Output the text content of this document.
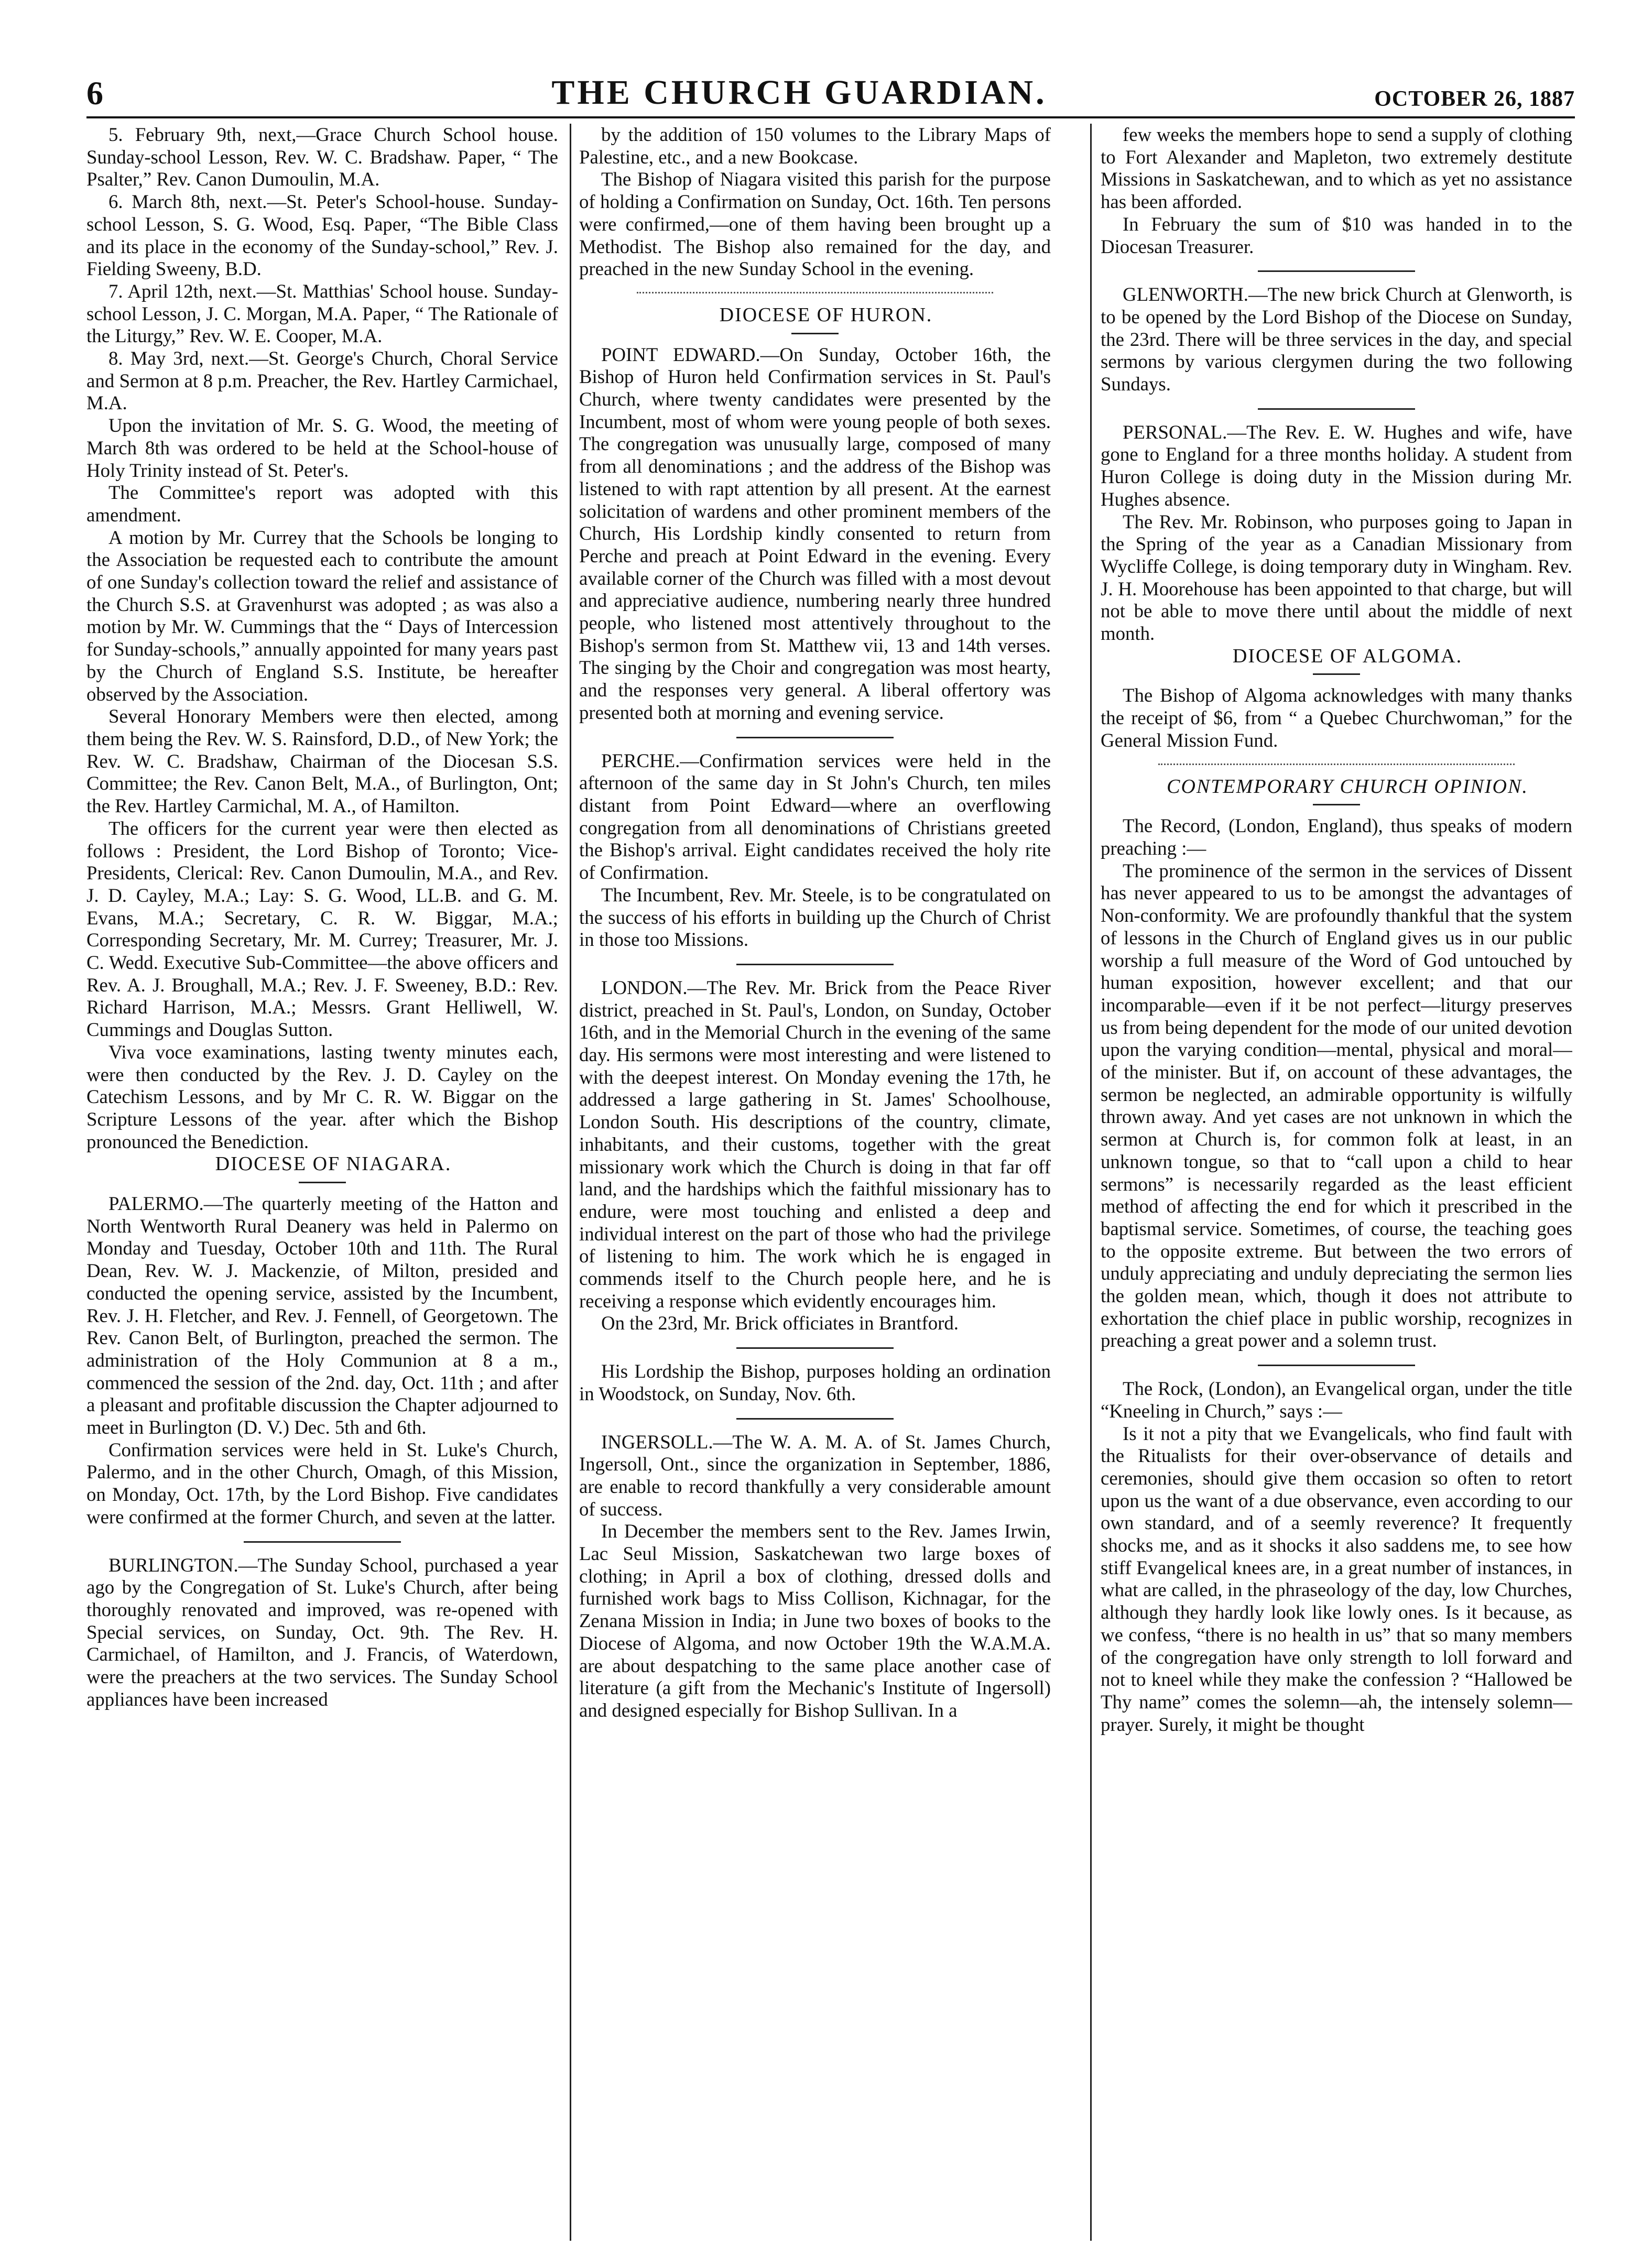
6	THE CHURCH GUARDIAN.	OCTOBER 26, 1887

5. February 9th, next,—Grace Church School house. Sunday-school Lesson, Rev. W. C. Bradshaw. Paper, “ The Psalter,” Rev. Canon Dumoulin, M.A.

6. March 8th, next.—St. Peter's School-house. Sunday-school Lesson, S. G. Wood, Esq. Paper, “The Bible Class and its place in the economy of the Sunday-school,” Rev. J. Fielding Sweeny, B.D.

7. April 12th, next.—St. Matthias' School house. Sunday-school Lesson, J. C. Morgan, M.A. Paper, “ The Rationale of the Liturgy,” Rev. W. E. Cooper, M.A.

8. May 3rd, next.—St. George's Church, Choral Service and Sermon at 8 p.m. Preacher, the Rev. Hartley Carmichael, M.A.

Upon the invitation of Mr. S. G. Wood, the meeting of March 8th was ordered to be held at the School-house of Holy Trinity instead of St. Peter's.

The Committee's report was adopted with this amendment.

A motion by Mr. Currey that the Schools be longing to the Association be requested each to contribute the amount of one Sunday's collection toward the relief and assistance of the Church S.S. at Gravenhurst was adopted ; as was also a motion by Mr. W. Cummings that the “ Days of Intercession for Sunday-schools,” annually appointed for many years past by the Church of England S.S. Institute, be hereafter observed by the Association.

Several Honorary Members were then elected, among them being the Rev. W. S. Rainsford, D.D., of New York; the Rev. W. C. Bradshaw, Chairman of the Diocesan S.S. Committee; the Rev. Canon Belt, M.A., of Burlington, Ont; the Rev. Hartley Carmichal, M. A., of Hamilton.

The officers for the current year were then elected as follows : President, the Lord Bishop of Toronto; Vice-Presidents, Clerical: Rev. Canon Dumoulin, M.A., and Rev. J. D. Cayley, M.A.; Lay: S. G. Wood, LL.B. and G. M. Evans, M.A.; Secretary, C. R. W. Biggar, M.A.; Corresponding Secretary, Mr. M. Currey; Treasurer, Mr. J. C. Wedd. Executive Sub-Committee—the above officers and Rev. A. J. Broughall, M.A.; Rev. J. F. Sweeney, B.D.: Rev. Richard Harrison, M.A.; Messrs. Grant Helliwell, W. Cummings and Douglas Sutton.

Viva voce examinations, lasting twenty minutes each, were then conducted by the Rev. J. D. Cayley on the Catechism Lessons, and by Mr C. R. W. Biggar on the Scripture Lessons of the year. after which the Bishop pronounced the Benediction.

DIOCESE OF NIAGARA.

PALERMO.—The quarterly meeting of the Hatton and North Wentworth Rural Deanery was held in Palermo on Monday and Tuesday, October 10th and 11th. The Rural Dean, Rev. W. J. Mackenzie, of Milton, presided and conducted the opening service, assisted by the Incumbent, Rev. J. H. Fletcher, and Rev. J. Fennell, of Georgetown. The Rev. Canon Belt, of Burlington, preached the sermon. The administration of the Holy Communion at 8 a m., commenced the session of the 2nd. day, Oct. 11th ; and after a pleasant and profitable discussion the Chapter adjourned to meet in Burlington (D. V.) Dec. 5th and 6th.

Confirmation services were held in St. Luke's Church, Palermo, and in the other Church, Omagh, of this Mission, on Monday, Oct. 17th, by the Lord Bishop. Five candidates were confirmed at the former Church, and seven at the latter.

BURLINGTON.—The Sunday School, purchased a year ago by the Congregation of St. Luke's Church, after being thoroughly renovated and improved, was re-opened with Special services, on Sunday, Oct. 9th. The Rev. H. Carmichael, of Hamilton, and J. Francis, of Waterdown, were the preachers at the two services. The Sunday School appliances have been increased

by the addition of 150 volumes to the Library Maps of Palestine, etc., and a new Bookcase.

The Bishop of Niagara visited this parish for the purpose of holding a Confirmation on Sunday, Oct. 16th. Ten persons were confirmed,—one of them having been brought up a Methodist. The Bishop also remained for the day, and preached in the new Sunday School in the evening.

DIOCESE OF HURON.

POINT EDWARD.—On Sunday, October 16th, the Bishop of Huron held Confirmation services in St. Paul's Church, where twenty candidates were presented by the Incumbent, most of whom were young people of both sexes. The congregation was unusually large, composed of many from all denominations ; and the address of the Bishop was listened to with rapt attention by all present. At the earnest solicitation of wardens and other prominent members of the Church, His Lordship kindly consented to return from Perche and preach at Point Edward in the evening. Every available corner of the Church was filled with a most devout and appreciative audience, numbering nearly three hundred people, who listened most attentively throughout to the Bishop's sermon from St. Matthew vii, 13 and 14th verses. The singing by the Choir and congregation was most hearty, and the responses very general. A liberal offertory was presented both at morning and evening service.

PERCHE.—Confirmation services were held in the afternoon of the same day in St John's Church, ten miles distant from Point Edward—where an overflowing congregation from all denominations of Christians greeted the Bishop's arrival. Eight candidates received the holy rite of Confirmation.

The Incumbent, Rev. Mr. Steele, is to be congratulated on the success of his efforts in building up the Church of Christ in those too Missions.

LONDON.—The Rev. Mr. Brick from the Peace River district, preached in St. Paul's, London, on Sunday, October 16th, and in the Memorial Church in the evening of the same day. His sermons were most interesting and were listened to with the deepest interest. On Monday evening the 17th, he addressed a large gathering in St. James' Schoolhouse, London South. His descriptions of the country, climate, inhabitants, and their customs, together with the great missionary work which the Church is doing in that far off land, and the hardships which the faithful missionary has to endure, were most touching and enlisted a deep and individual interest on the part of those who had the privilege of listening to him. The work which he is engaged in commends itself to the Church people here, and he is receiving a response which evidently encourages him.

On the 23rd, Mr. Brick officiates in Brantford.

His Lordship the Bishop, purposes holding an ordination in Woodstock, on Sunday, Nov. 6th.

INGERSOLL.—The W. A. M. A. of St. James Church, Ingersoll, Ont., since the organization in September, 1886, are enable to record thankfully a very considerable amount of success.

In December the members sent to the Rev. James Irwin, Lac Seul Mission, Saskatchewan two large boxes of clothing; in April a box of clothing, dressed dolls and furnished work bags to Miss Collison, Kichnagar, for the Zenana Mission in India; in June two boxes of books to the Diocese of Algoma, and now October 19th the W.A.M.A. are about despatching to the same place another case of literature (a gift from the Mechanic's Institute of Ingersoll) and designed especially for Bishop Sullivan. In a

few weeks the members hope to send a supply of clothing to Fort Alexander and Mapleton, two extremely destitute Missions in Saskatchewan, and to which as yet no assistance has been afforded.

In February the sum of $10 was handed in to the Diocesan Treasurer.

GLENWORTH.—The new brick Church at Glenworth, is to be opened by the Lord Bishop of the Diocese on Sunday, the 23rd. There will be three services in the day, and special sermons by various clergymen during the two following Sundays.

PERSONAL.—The Rev. E. W. Hughes and wife, have gone to England for a three months holiday. A student from Huron College is doing duty in the Mission during Mr. Hughes absence.

The Rev. Mr. Robinson, who purposes going to Japan in the Spring of the year as a Canadian Missionary from Wycliffe College, is doing temporary duty in Wingham. Rev. J. H. Moorehouse has been appointed to that charge, but will not be able to move there until about the middle of next month.

DIOCESE OF ALGOMA.

The Bishop of Algoma acknowledges with many thanks the receipt of $6, from “ a Quebec Churchwoman,” for the General Mission Fund.

CONTEMPORARY CHURCH OPINION.

The Record, (London, England), thus speaks of modern preaching :—

The prominence of the sermon in the services of Dissent has never appeared to us to be amongst the advantages of Non-conformity. We are profoundly thankful that the system of lessons in the Church of England gives us in our public worship a full measure of the Word of God untouched by human exposition, however excellent; and that our incomparable—even if it be not perfect—liturgy preserves us from being dependent for the mode of our united devotion upon the varying condition—mental, physical and moral—of the minister. But if, on account of these advantages, the sermon be neglected, an admirable opportunity is wilfully thrown away. And yet cases are not unknown in which the sermon at Church is, for common folk at least, in an unknown tongue, so that to “call upon a child to hear sermons” is necessarily regarded as the least efficient method of affecting the end for which it prescribed in the baptismal service. Sometimes, of course, the teaching goes to the opposite extreme. But between the two errors of unduly appreciating and unduly depreciating the sermon lies the golden mean, which, though it does not attribute to exhortation the chief place in public worship, recognizes in preaching a great power and a solemn trust.

The Rock, (London), an Evangelical organ, under the title “Kneeling in Church,” says :—

Is it not a pity that we Evangelicals, who find fault with the Ritualists for their over-observance of details and ceremonies, should give them occasion so often to retort upon us the want of a due observance, even according to our own standard, and of a seemly reverence? It frequently shocks me, and as it shocks it also saddens me, to see how stiff Evangelical knees are, in a great number of instances, in what are called, in the phraseology of the day, low Churches, although they hardly look like lowly ones. Is it because, as we confess, “there is no health in us” that so many members of the congregation have only strength to loll forward and not to kneel while they make the confession ? “Hallowed be Thy name” comes the solemn—ah, the intensely solemn—prayer. Surely, it might be thought
